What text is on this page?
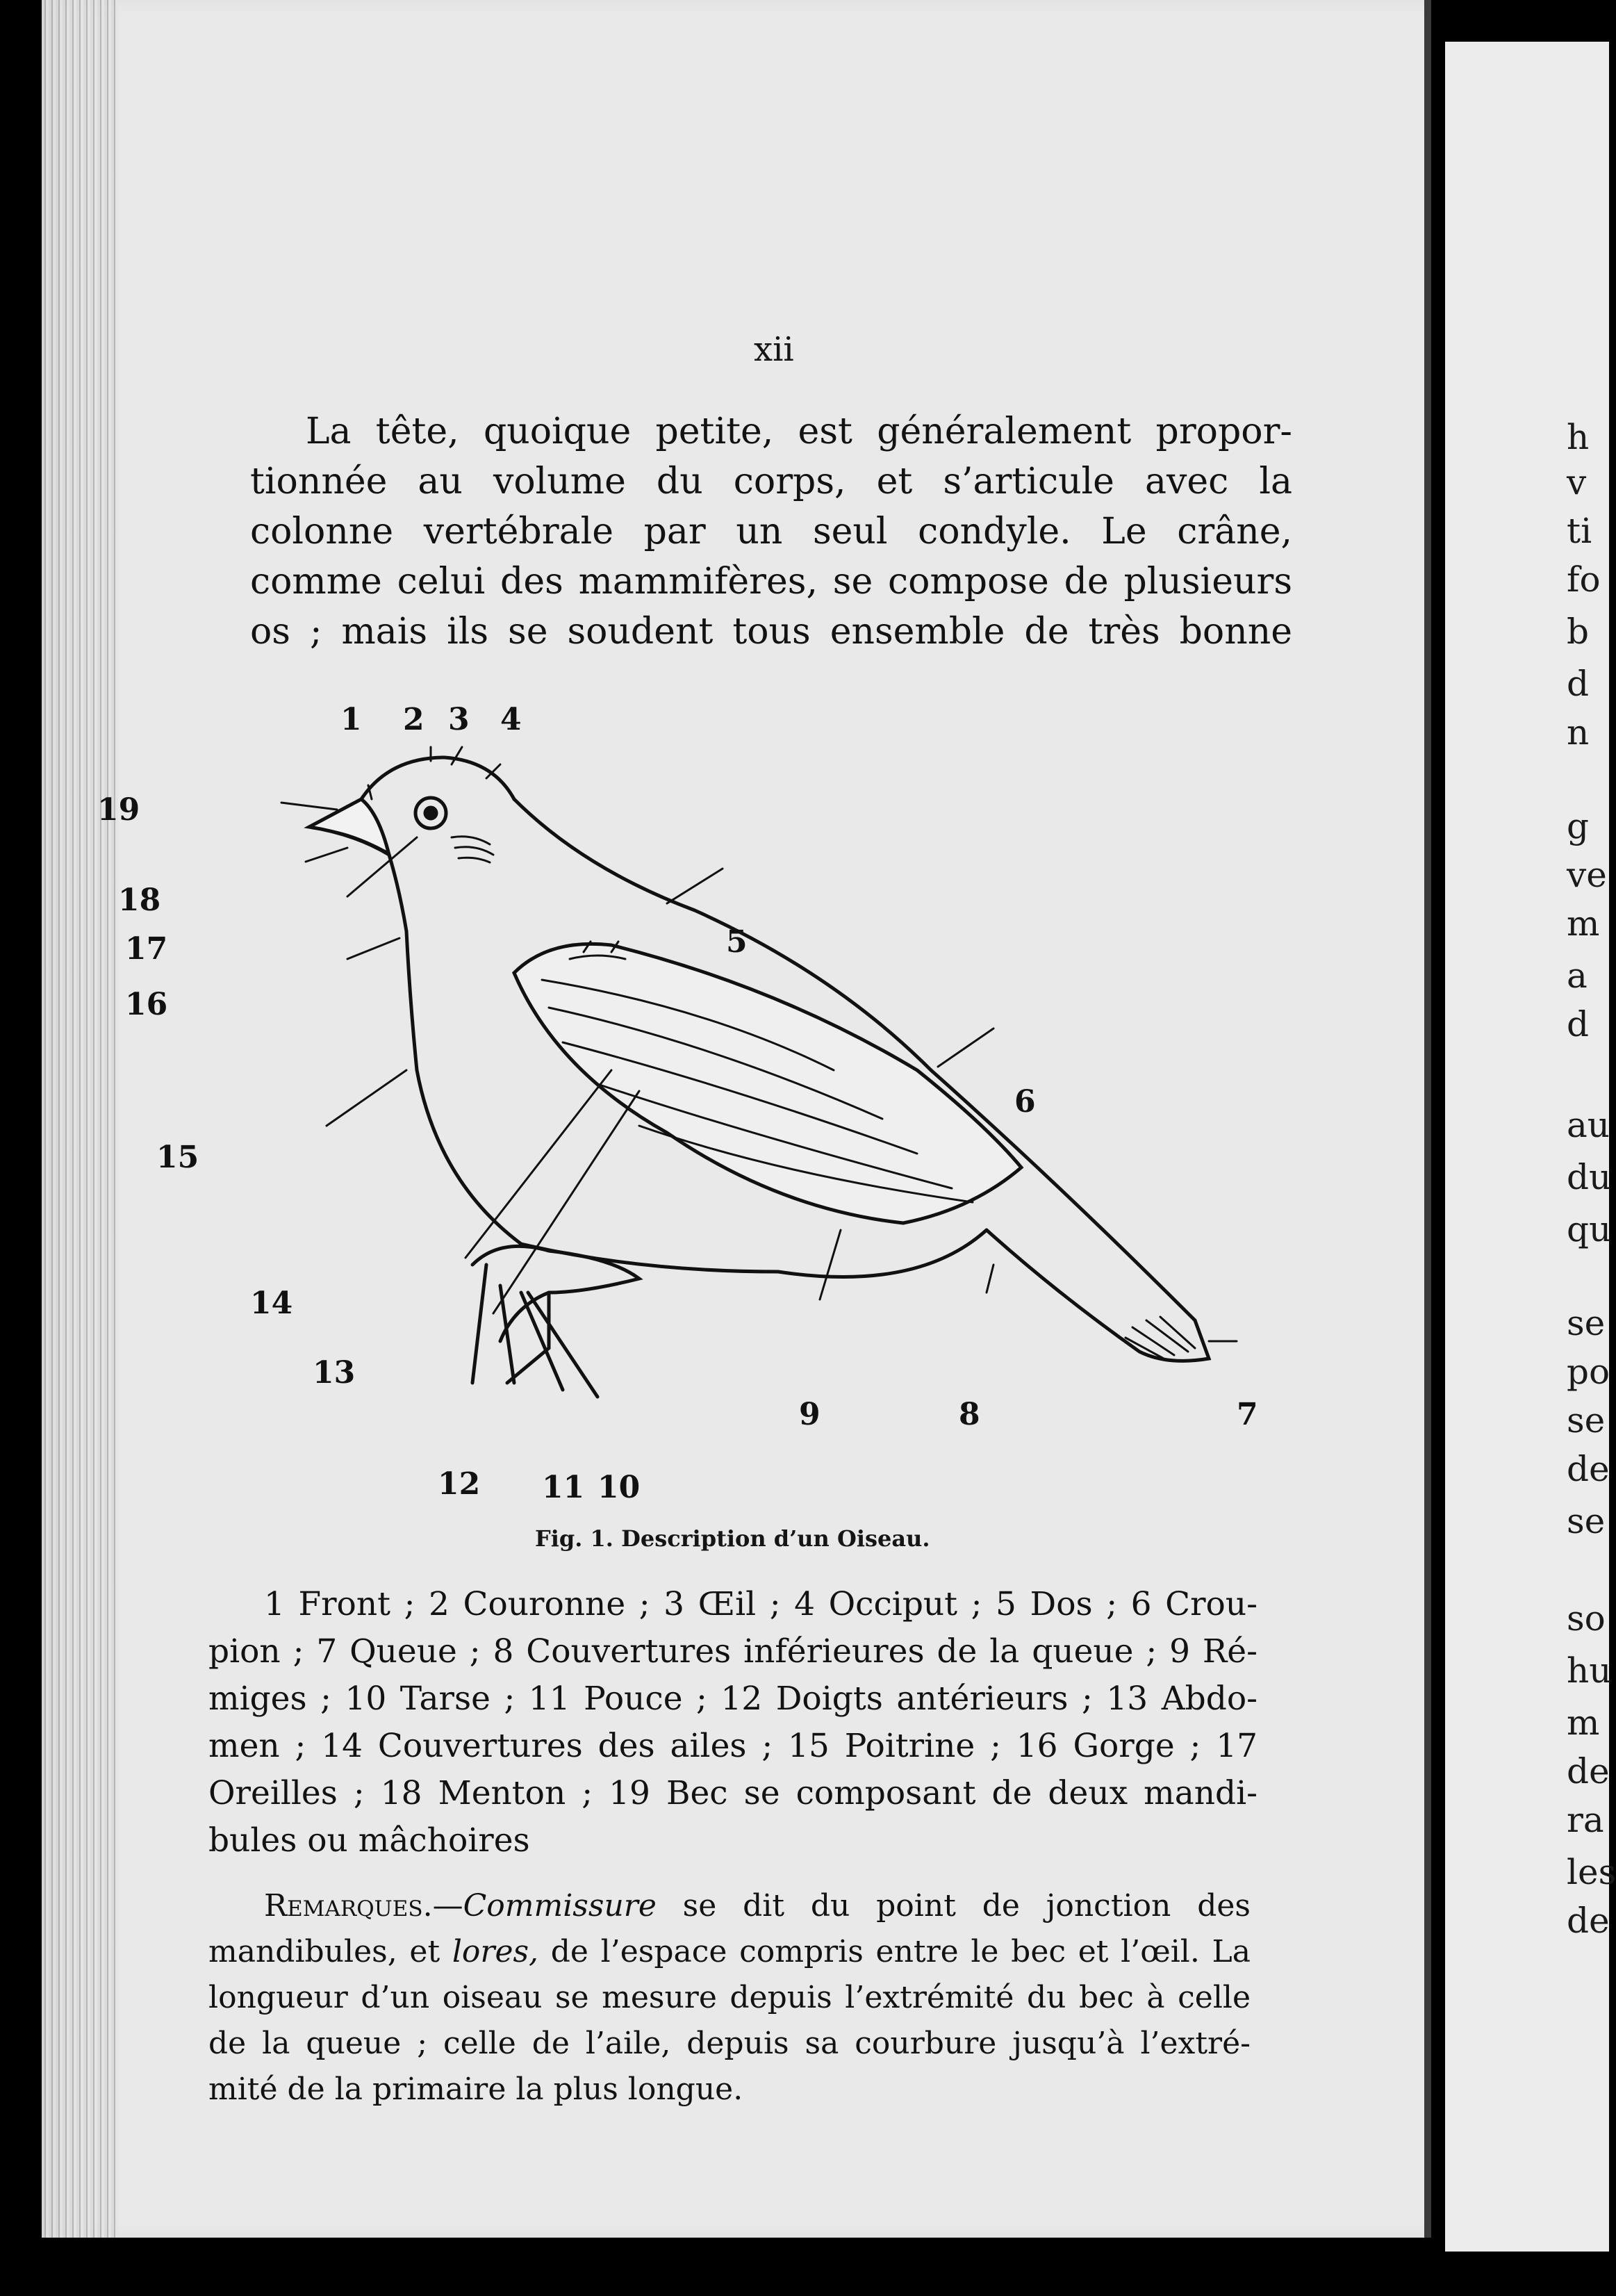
h
v
ti
fo
b
d
n
g
ve
m
a
d
au
du
qu
se
po
se
de
se
so
hu
m
de
ra
les
de
xii
La tête, quoique petite, est généralement propor-
tionnée au volume du corps, et s’articule avec la
colonne vertébrale par un seul condyle. Le crâne,
comme celui des mammifères, se compose de plusieurs
os ; mais ils se soudent tous ensemble de très bonne
1 2 3 4
5
6
7
8
9
10
11
12
13
14
15
16
17
18
19
Fig. 1. Description d’un Oiseau.
1 Front ; 2 Couronne ; 3 Œil ; 4 Occiput ; 5 Dos ; 6 Crou-
pion ; 7 Queue ; 8 Couvertures inférieures de la queue ; 9 Ré-
miges ; 10 Tarse ; 11 Pouce ; 12 Doigts antérieurs ; 13 Abdo-
men ; 14 Couvertures des ailes ; 15 Poitrine ; 16 Gorge ; 17
Oreilles ; 18 Menton ; 19 Bec se composant de deux mandi-
bules ou mâchoires
Remarques.—Commissure se dit du point de jonction des
mandibules, et lores, de l’espace compris entre le bec et l’œil. La
longueur d’un oiseau se mesure depuis l’extrémité du bec à celle
de la queue ; celle de l’aile, depuis sa courbure jusqu’à l’extré-
mité de la primaire la plus longue.
